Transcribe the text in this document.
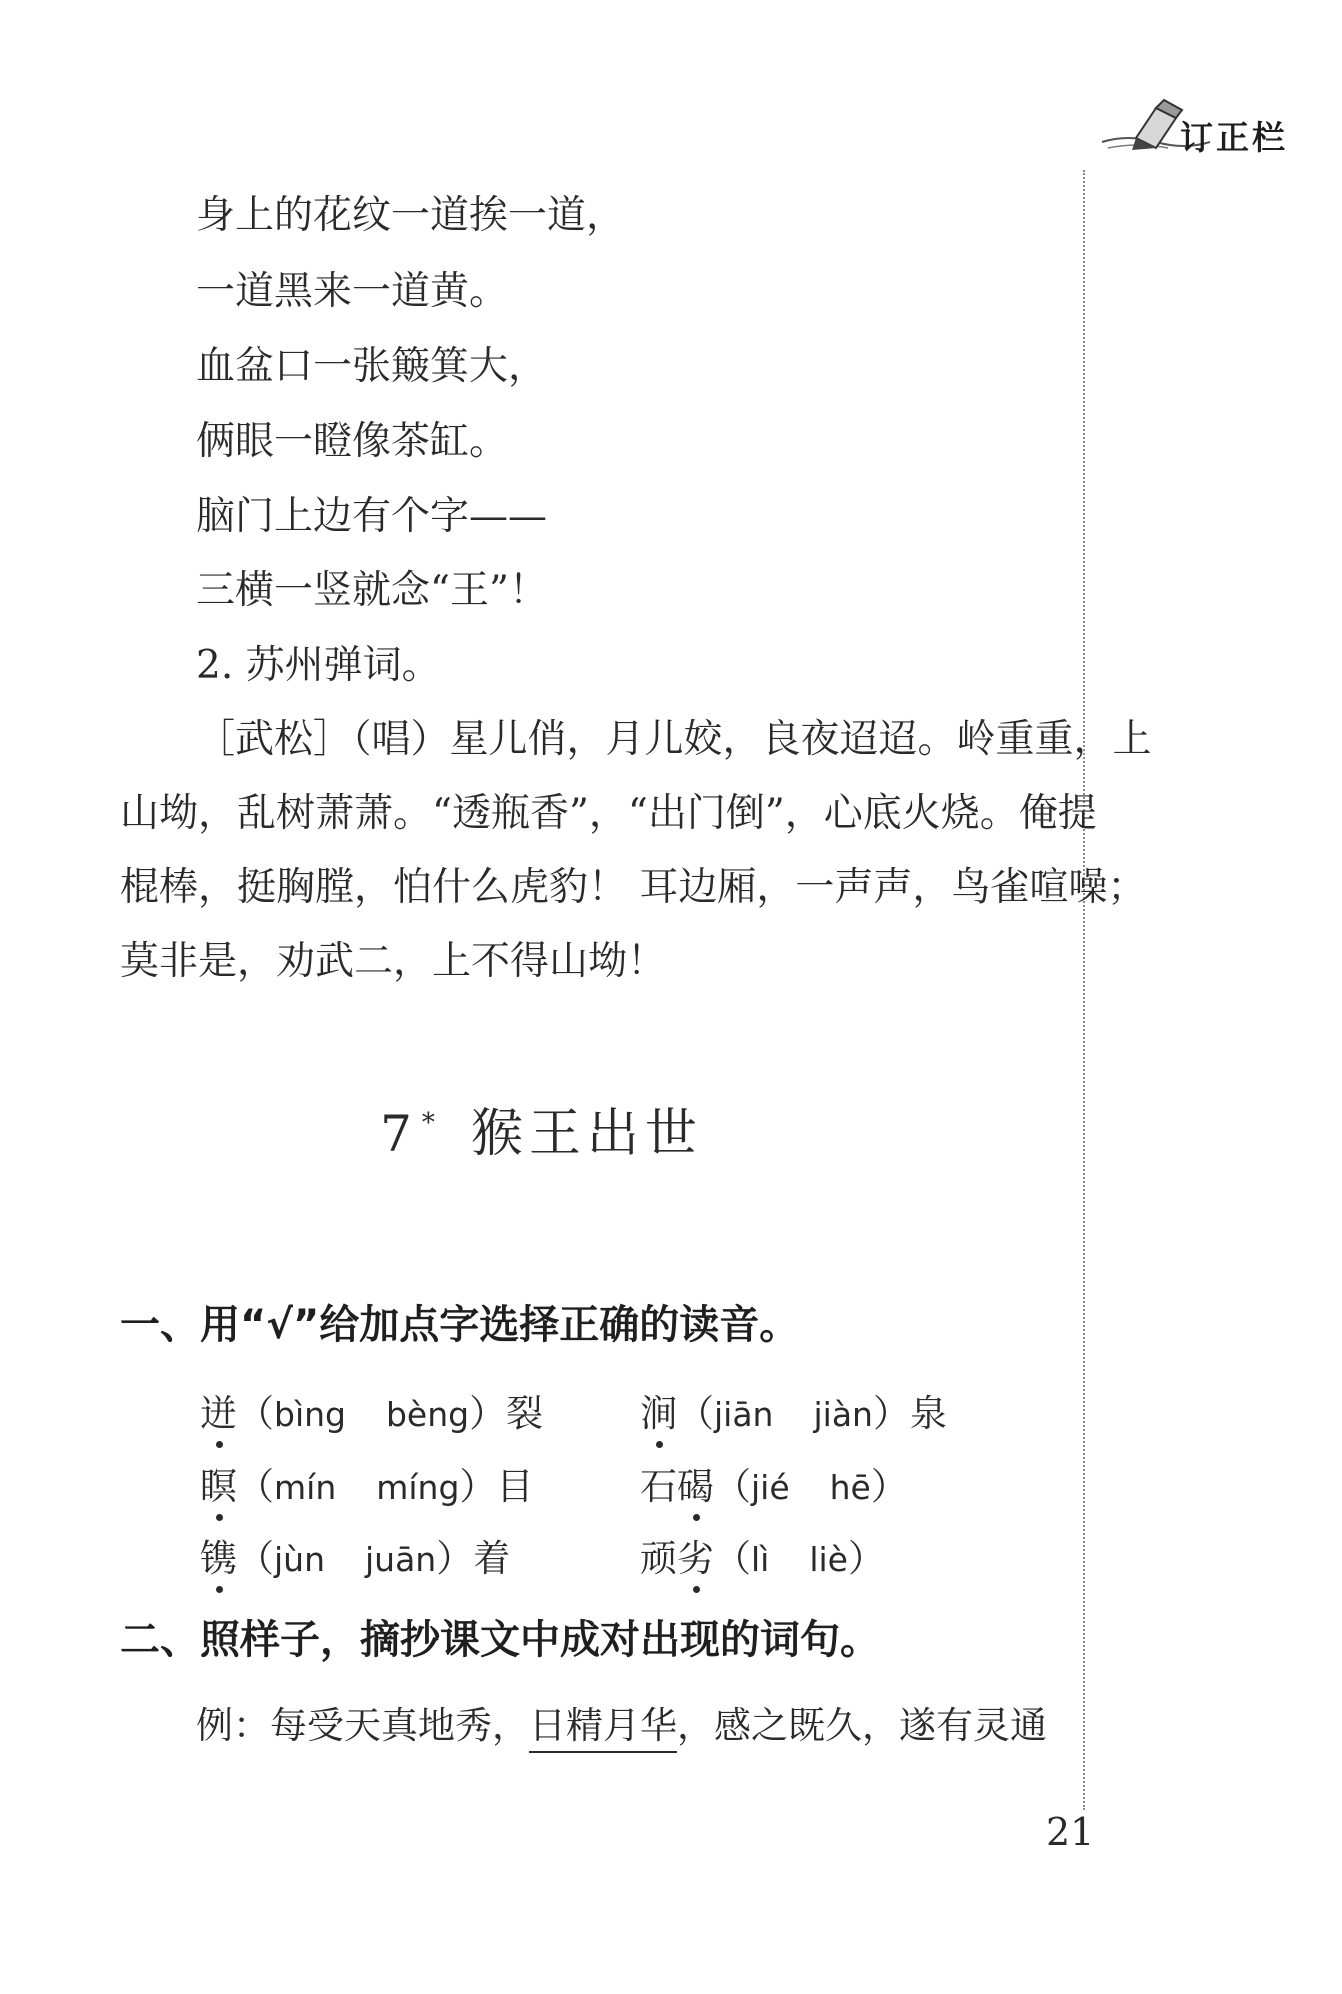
订正栏
身上的花纹一道挨一道，
一道黑来一道黄。
血盆口一张簸箕大，
俩眼一瞪像茶缸。
脑门上边有个字——
三横一竖就念“王”！
2. 苏州弹词。
［武松］（唱）星儿俏，月儿姣，良夜迢迢。岭重重，上
山坳，乱树萧萧。“透瓶香”，“出门倒”，心底火烧。俺提
棍棒，挺胸膛，怕什么虎豹！ 耳边厢，一声声，鸟雀喧噪；
莫非是，劝武二，上不得山坳！
7 * 猴王出世
一、用“√”给加点字选择正确的读音。
迸（bìng bèng）裂	涧（jiān jiàn）泉
瞑（mín míng）目	石碣（jié hē）
镌（jùn juān）着	顽劣（lì liè）
二、照样子，摘抄课文中成对出现的词句。
例：每受天真地秀，日精月华，感之既久，遂有灵通
21
